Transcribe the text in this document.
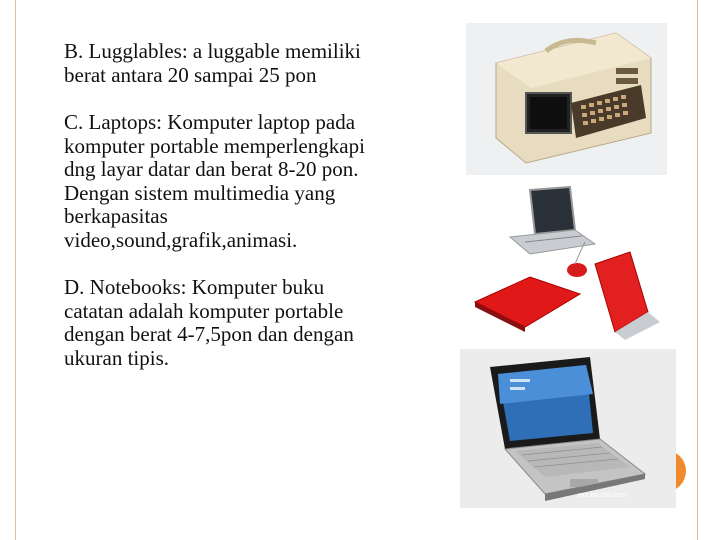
B. Lugglables: a luggable memiliki
berat antara 20 sampai 25 pon

C. Laptops: Komputer laptop pada
komputer portable memperlengkapi
dng layar datar dan berat 8-20 pon.
Dengan sistem multimedia yang
berkapasitas
video,sound,grafik,animasi.

D. Notebooks: Komputer buku
catatan adalah komputer portable
dengan berat 4-7,5pon dan dengan
ukuran tipis.

xxx.bo.ooo.com
